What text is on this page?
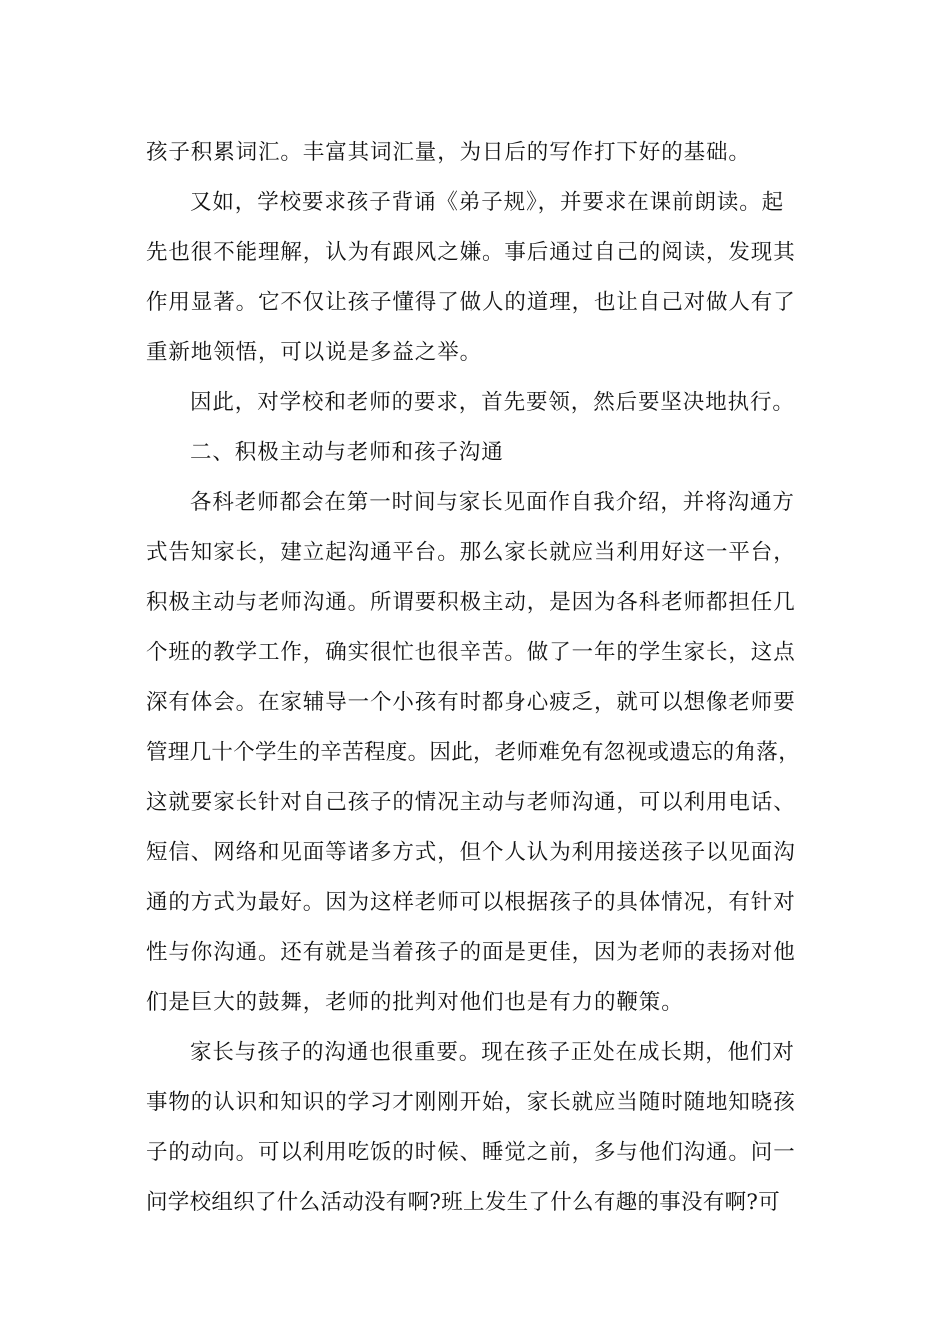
孩子积累词汇。丰富其词汇量，为日后的写作打下好的基础。
又如，学校要求孩子背诵《弟子规》，并要求在课前朗读。起
先也很不能理解，认为有跟风之嫌。事后通过自己的阅读，发现其
作用显著。它不仅让孩子懂得了做人的道理，也让自己对做人有了
重新地领悟，可以说是多益之举。
因此，对学校和老师的要求，首先要领，然后要坚决地执行。
二、积极主动与老师和孩子沟通
各科老师都会在第一时间与家长见面作自我介绍，并将沟通方
式告知家长，建立起沟通平台。那么家长就应当利用好这一平台，
积极主动与老师沟通。所谓要积极主动，是因为各科老师都担任几
个班的教学工作，确实很忙也很辛苦。做了一年的学生家长，这点
深有体会。在家辅导一个小孩有时都身心疲乏，就可以想像老师要
管理几十个学生的辛苦程度。因此，老师难免有忽视或遗忘的角落，
这就要家长针对自己孩子的情况主动与老师沟通，可以利用电话、
短信、网络和见面等诸多方式，但个人认为利用接送孩子以见面沟
通的方式为最好。因为这样老师可以根据孩子的具体情况，有针对
性与你沟通。还有就是当着孩子的面是更佳，因为老师的表扬对他
们是巨大的鼓舞，老师的批判对他们也是有力的鞭策。
家长与孩子的沟通也很重要。现在孩子正处在成长期，他们对
事物的认识和知识的学习才刚刚开始，家长就应当随时随地知晓孩
子的动向。可以利用吃饭的时候、睡觉之前，多与他们沟通。问一
问学校组织了什么活动没有啊?班上发生了什么有趣的事没有啊?可
